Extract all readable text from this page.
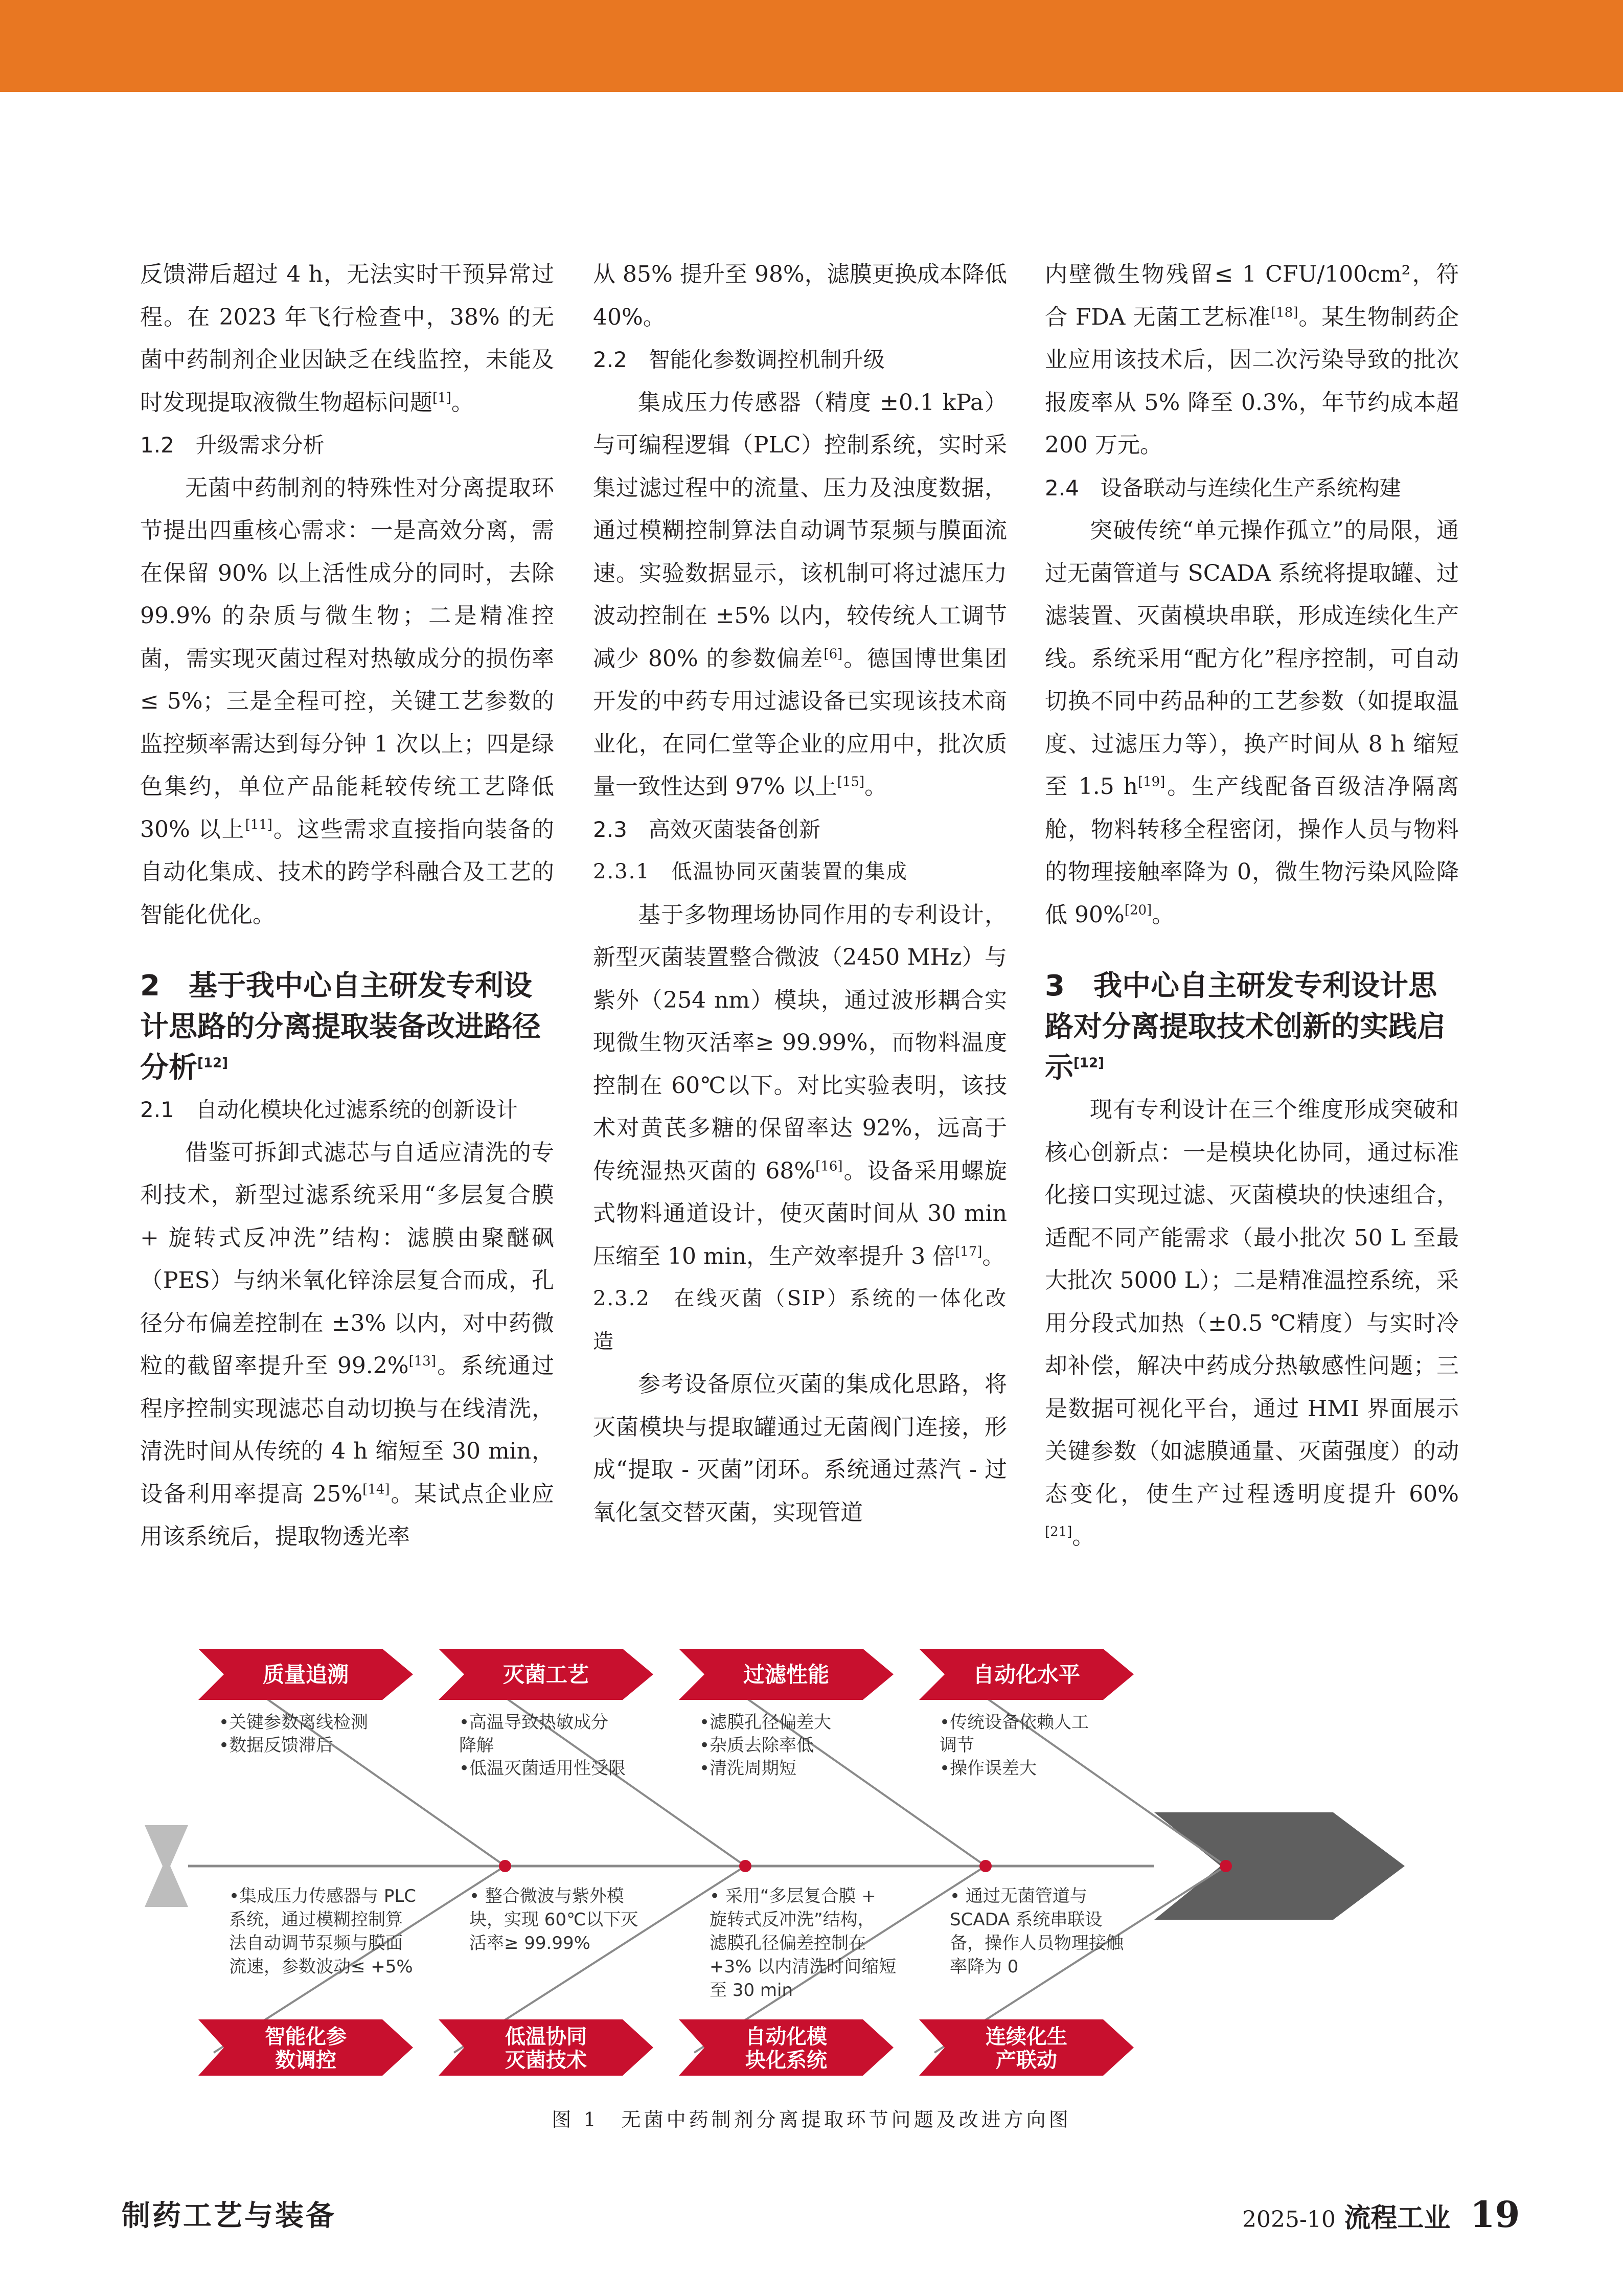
反馈滞后超过 4 h，无法实时干预异常过程。在 2023 年飞行检查中，38% 的无菌中药制剂企业因缺乏在线监控，未能及时发现提取液微生物超标问题[1]。

1.2　升级需求分析

无菌中药制剂的特殊性对分离提取环节提出四重核心需求：一是高效分离，需在保留 90% 以上活性成分的同时，去除 99.9% 的杂质与微生物；二是精准控菌，需实现灭菌过程对热敏成分的损伤率≤ 5%；三是全程可控，关键工艺参数的监控频率需达到每分钟 1 次以上；四是绿色集约，单位产品能耗较传统工艺降低 30% 以上[11]。这些需求直接指向装备的自动化集成、技术的跨学科融合及工艺的智能化优化。

2　基于我中心自主研发专利设计思路的分离提取装备改进路径分析[12]

2.1　自动化模块化过滤系统的创新设计

借鉴可拆卸式滤芯与自适应清洗的专利技术，新型过滤系统采用“多层复合膜 + 旋转式反冲洗”结构：滤膜由聚醚砜（PES）与纳米氧化锌涂层复合而成，孔径分布偏差控制在 ±3% 以内，对中药微粒的截留率提升至 99.2%[13]。系统通过程序控制实现滤芯自动切换与在线清洗，清洗时间从传统的 4 h 缩短至 30 min，设备利用率提高 25%[14]。某试点企业应用该系统后，提取物透光率

从 85% 提升至 98%，滤膜更换成本降低 40%。

2.2　智能化参数调控机制升级

集成压力传感器（精度 ±0.1 kPa）与可编程逻辑（PLC）控制系统，实时采集过滤过程中的流量、压力及浊度数据，通过模糊控制算法自动调节泵频与膜面流速。实验数据显示，该机制可将过滤压力波动控制在 ±5% 以内，较传统人工调节减少 80% 的参数偏差[6]。德国博世集团开发的中药专用过滤设备已实现该技术商业化，在同仁堂等企业的应用中，批次质量一致性达到 97% 以上[15]。

2.3　高效灭菌装备创新

2.3.1　低温协同灭菌装置的集成

基于多物理场协同作用的专利设计，新型灭菌装置整合微波（2450 MHz）与紫外（254 nm）模块，通过波形耦合实现微生物灭活率≥ 99.99%，而物料温度控制在 60℃以下。对比实验表明，该技术对黄芪多糖的保留率达 92%，远高于传统湿热灭菌的 68%[16]。设备采用螺旋式物料通道设计，使灭菌时间从 30 min 压缩至 10 min，生产效率提升 3 倍[17]。

2.3.2　在线灭菌（SIP）系统的一体化改造

参考设备原位灭菌的集成化思路，将灭菌模块与提取罐通过无菌阀门连接，形成“提取 - 灭菌”闭环。系统通过蒸汽 - 过氧化氢交替灭菌，实现管道

内壁微生物残留≤ 1 CFU/100cm²，符合 FDA 无菌工艺标准[18]。某生物制药企业应用该技术后，因二次污染导致的批次报废率从 5% 降至 0.3%，年节约成本超 200 万元。

2.4　设备联动与连续化生产系统构建

突破传统“单元操作孤立”的局限，通过无菌管道与 SCADA 系统将提取罐、过滤装置、灭菌模块串联，形成连续化生产线。系统采用“配方化”程序控制，可自动切换不同中药品种的工艺参数（如提取温度、过滤压力等），换产时间从 8 h 缩短至 1.5 h[19]。生产线配备百级洁净隔离舱，物料转移全程密闭，操作人员与物料的物理接触率降为 0，微生物污染风险降低 90%[20]。

3　我中心自主研发专利设计思路对分离提取技术创新的实践启示[12]

现有专利设计在三个维度形成突破和核心创新点：一是模块化协同，通过标准化接口实现过滤、灭菌模块的快速组合，适配不同产能需求（最小批次 50 L 至最大批次 5000 L）；二是精准温控系统，采用分段式加热（±0.5 ℃精度）与实时冷却补偿，解决中药成分热敏感性问题；三是数据可视化平台，通过 HMI 界面展示关键参数（如滤膜通量、灭菌强度）的动态变化，使生产过程透明度提升 60%[21]。

质量追溯
•关键参数离线检测
•数据反馈滞后
灭菌工艺
•高温导致热敏成分
降解
•低温灭菌适用性受限
过滤性能
•滤膜孔径偏差大
•杂质去除率低
•清洗周期短
自动化水平
•传统设备依赖人工
调节
•操作误差大
智能化参
数调控
•集成压力传感器与 PLC
系统，通过模糊控制算
法自动调节泵频与膜面
流速，参数波动≤ +5%
低温协同
灭菌技术
• 整合微波与紫外模
块，实现 60℃以下灭
活率≥ 99.99%
自动化模
块化系统
• 采用“多层复合膜 +
旋转式反冲洗”结构，
滤膜孔径偏差控制在
+3% 以内清洗时间缩短
至 30 min
连续化生
产联动
• 通过无菌管道与
SCADA 系统串联设
备，操作人员物理接触
率降为 0
图 1　无菌中药制剂分离提取环节问题及改进方向图
制药工艺与装备	2025-10 流程工业 19
